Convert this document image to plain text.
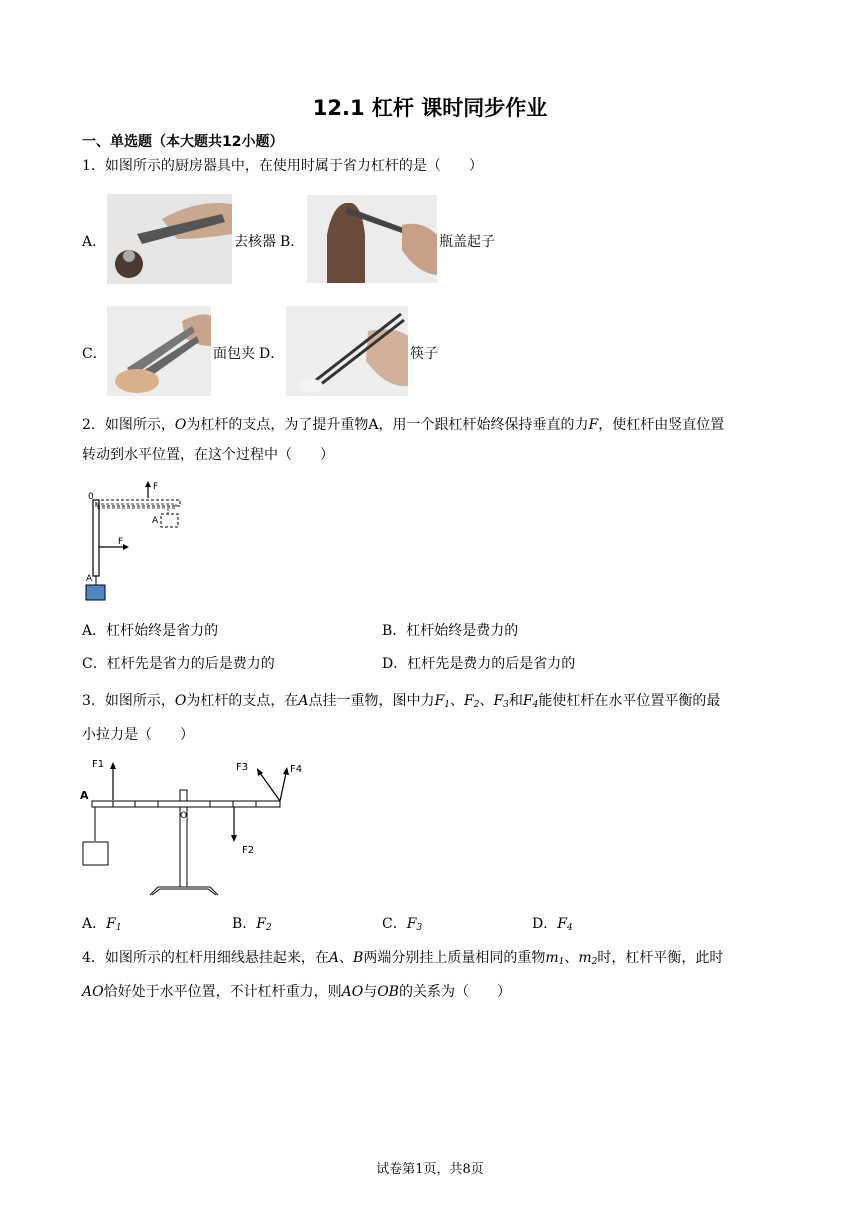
12.1 杠杆 课时同步作业
一、单选题（本大题共12小题）
1．如图所示的厨房器具中，在使用时属于省力杠杆的是（　　）
A．	去核器 B．	瓶盖起子
C．	面包夹 D．	筷子
2．如图所示，O为杠杆的支点，为了提升重物A，用一个跟杠杆始终保持垂直的力F，使杠杆由竖直位置
转动到水平位置，在这个过程中（　　）
0
F
A
F
A
A．杠杆始终是省力的	B．杠杆始终是费力的
C．杠杆先是省力的后是费力的	D．杠杆先是费力的后是省力的
3．如图所示，O为杠杆的支点，在A点挂一重物，图中力$F_1$、$F_2$、$F_3$和$F_4$能使杠杆在水平位置平衡的最
小拉力是（　　）
F1
A
O
F2
F3	F4
A．$F_1$	B．$F_2$	C．$F_3$	D．$F_4$
4．如图所示的杠杆用细线悬挂起来，在A、B两端分别挂上质量相同的重物$m_1$、$m_2$时，杠杆平衡，此时
AO恰好处于水平位置，不计杠杆重力，则AO与OB的关系为（　　）
试卷第1页，共8页
